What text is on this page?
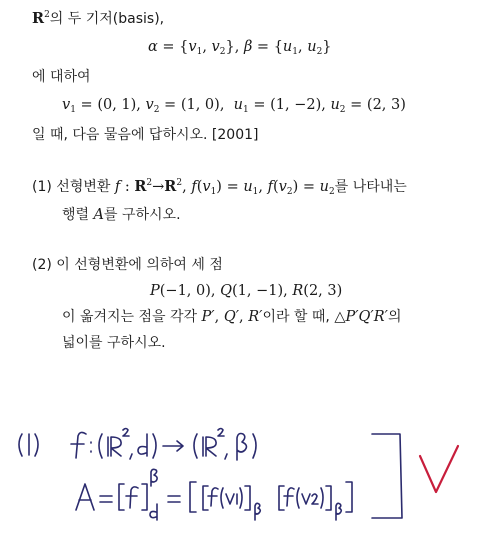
$R^2$의 두 기저(basis),
$\alpha = \{v_1$, $v_2$}, $\beta = \{u_1$, $u_2$}
에 대하여
$v_1 = (0$, 1), $v_2 = (1$, 0),  $u_1 = (1$, −2), $u_2 = (2$, 3)
일 때, 다음 물음에 답하시오. [2001]
(1) 선형변환 f : $R^2\to R^2$, $f(v_1) = u_1$, $f(v_2) = u_2$를 나타내는
행렬 A를 구하시오.
(2) 이 선형변환에 의하여 세 점
P(−1, 0), Q(1, −1), R(2, 3)
이 옮겨지는 점을 각각 P′, Q′, R′이라 할 때, △P′Q′R′의
넓이를 구하시오.
